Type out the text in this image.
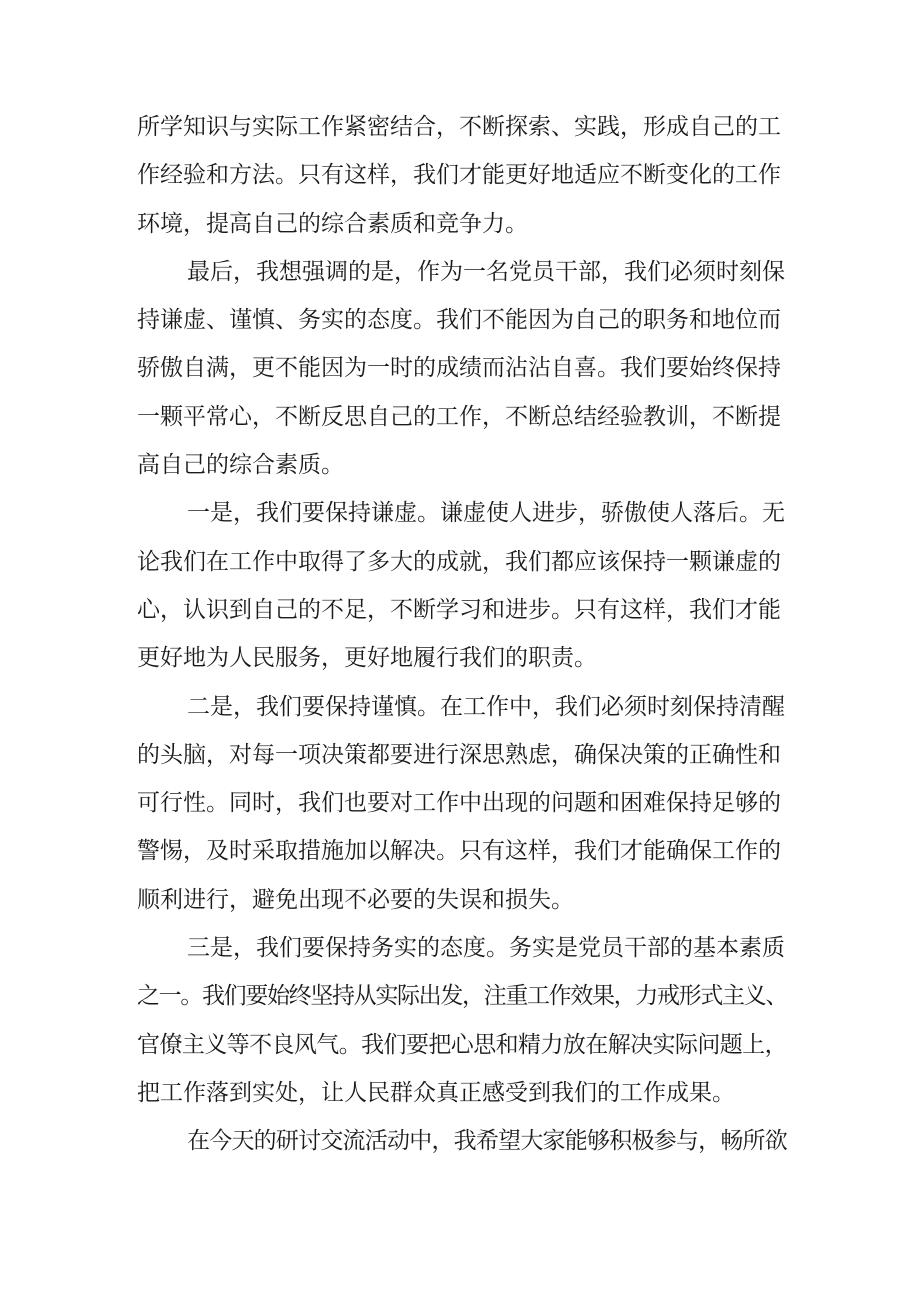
所学知识与实际工作紧密结合，不断探索、实践，形成自己的工
作经验和方法。只有这样，我们才能更好地适应不断变化的工作
环境，提高自己的综合素质和竞争力。
最后，我想强调的是，作为一名党员干部，我们必须时刻保
持谦虚、谨慎、务实的态度。我们不能因为自己的职务和地位而
骄傲自满，更不能因为一时的成绩而沾沾自喜。我们要始终保持
一颗平常心，不断反思自己的工作，不断总结经验教训，不断提
高自己的综合素质。
一是，我们要保持谦虚。谦虚使人进步，骄傲使人落后。无
论我们在工作中取得了多大的成就，我们都应该保持一颗谦虚的
心，认识到自己的不足，不断学习和进步。只有这样，我们才能
更好地为人民服务，更好地履行我们的职责。
二是，我们要保持谨慎。在工作中，我们必须时刻保持清醒
的头脑，对每一项决策都要进行深思熟虑，确保决策的正确性和
可行性。同时，我们也要对工作中出现的问题和困难保持足够的
警惕，及时采取措施加以解决。只有这样，我们才能确保工作的
顺利进行，避免出现不必要的失误和损失。
三是，我们要保持务实的态度。务实是党员干部的基本素质
之一。我们要始终坚持从实际出发，注重工作效果，力戒形式主义、
官僚主义等不良风气。我们要把心思和精力放在解决实际问题上，
把工作落到实处，让人民群众真正感受到我们的工作成果。
在今天的研讨交流活动中，我希望大家能够积极参与，畅所欲
